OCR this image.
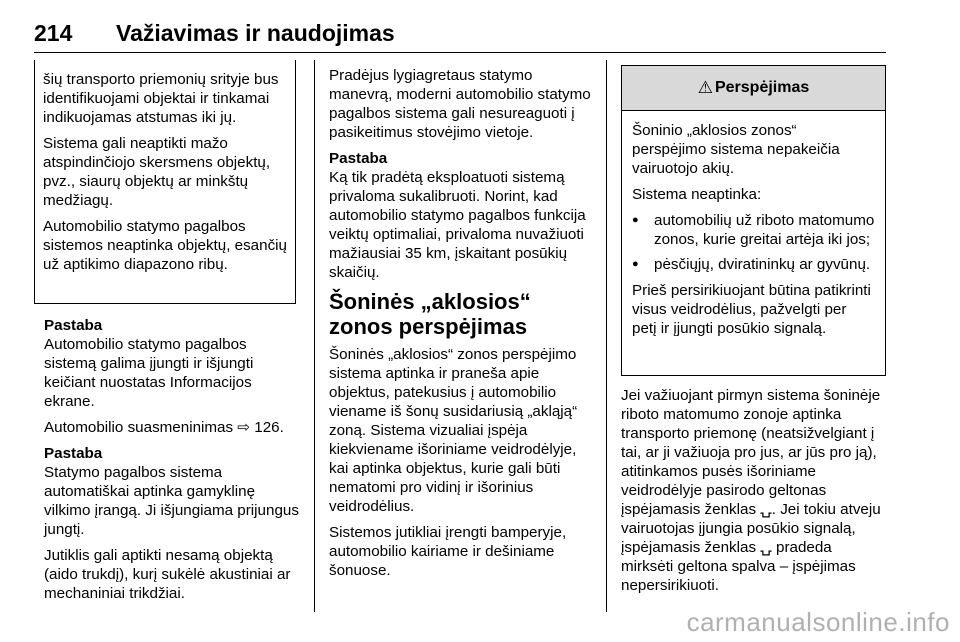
214 Važiavimas ir naudojimas

šių transporto priemonių srityje bus identifikuojami objektai ir tinkamai indikuojamas atstumas iki jų.

Sistema gali neaptikti mažo atspindinčiojo skersmens objektų, pvz., siaurų objektų ar minkštų medžiagų.

Automobilio statymo pagalbos sistemos neaptinka objektų, esančių už aptikimo diapazono ribų.

Pastaba

Automobilio statymo pagalbos sistemą galima įjungti ir išjungti keičiant nuostatas Informacijos ekrane.

Automobilio suasmeninimas ⇨ 126.

Pastaba

Statymo pagalbos sistema automatiškai aptinka gamyklinę vilkimo įrangą. Ji išjungiama prijungus jungtį.

Jutiklis gali aptikti nesamą objektą (aido trukdį), kurį sukėlė akustiniai ar mechaniniai trikdžiai.

Pradėjus lygiagretaus statymo manevrą, moderni automobilio statymo pagalbos sistema gali nesureaguoti į pasikeitimus stovėjimo vietoje.

Pastaba

Ką tik pradėtą eksploatuoti sistemą privaloma sukalibruoti. Norint, kad automobilio statymo pagalbos funkcija veiktų optimaliai, privaloma nuvažiuoti mažiausiai 35 km, įskaitant posūkių skaičių.

Šoninės „aklosios“ zonos perspėjimas

Šoninės „aklosios“ zonos perspėjimo sistema aptinka ir praneša apie objektus, patekusius į automobilio viename iš šonų susidariusią „akląją“ zoną. Sistema vizualiai įspėja kiekviename išoriniame veidrodėlyje, kai aptinka objektus, kurie gali būti nematomi pro vidinį ir išorinius veidrodėlius.

Sistemos jutikliai įrengti bamperyje, automobilio kairiame ir dešiniame šonuose.

⚠ Perspėjimas

Šoninio „aklosios zonos“ perspėjimo sistema nepakeičia vairuotojo akių.

Sistema neaptinka:

● automobilių už riboto matomumo zonos, kurie greitai artėja iki jos;
● pėsčiųjų, dviratininkų ar gyvūnų.

Prieš persirikiuojant būtina patikrinti visus veidrodėlius, pažvelgti per petį ir įjungti posūkio signalą.

Jei važiuojant pirmyn sistema šoninėje riboto matomumo zonoje aptinka transporto priemonę (neatsižvelgiant į tai, ar ji važiuoja pro jus, ar jūs pro ją), atitinkamos pusės išoriniame veidrodėlyje pasirodo geltonas įspėjamasis ženklas ⍽. Jei tokiu atveju vairuotojas įjungia posūkio signalą, įspėjamasis ženklas ⍽ pradeda mirksėti geltona spalva – įspėjimas nepersirikiuoti.

carmanualsonline.info
